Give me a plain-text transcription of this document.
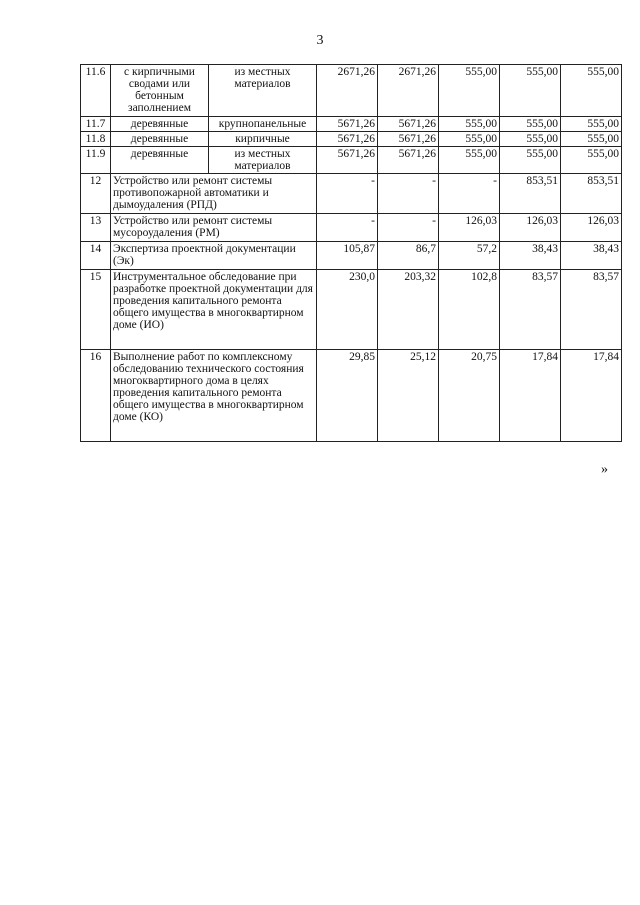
3
11.6	с кирпичными сводами или бетонным заполнением	из местных материалов	2671,26	2671,26	555,00	555,00	555,00
11.7	деревянные	крупнопанельные	5671,26	5671,26	555,00	555,00	555,00
11.8	деревянные	кирпичные	5671,26	5671,26	555,00	555,00	555,00
11.9	деревянные	из местных материалов	5671,26	5671,26	555,00	555,00	555,00
12	Устройство или ремонт системы противопожарной автоматики и дымоудаления (РПД)		-	-	-	853,51	853,51
13	Устройство или ремонт системы мусороудаления (РМ)		-	-	126,03	126,03	126,03
14	Экспертиза проектной документации (Эк)		105,87	86,7	57,2	38,43	38,43
15	Инструментальное обследование при разработке проектной документации для проведения капитального ремонта общего имущества в многоквартирном доме (ИО)		230,0	203,32	102,8	83,57	83,57
16	Выполнение работ по комплексному обследованию технического состояния многоквартирного дома в целях проведения капитального ремонта общего имущества в многоквартирном доме (КО)		29,85	25,12	20,75	17,84	17,84
»
